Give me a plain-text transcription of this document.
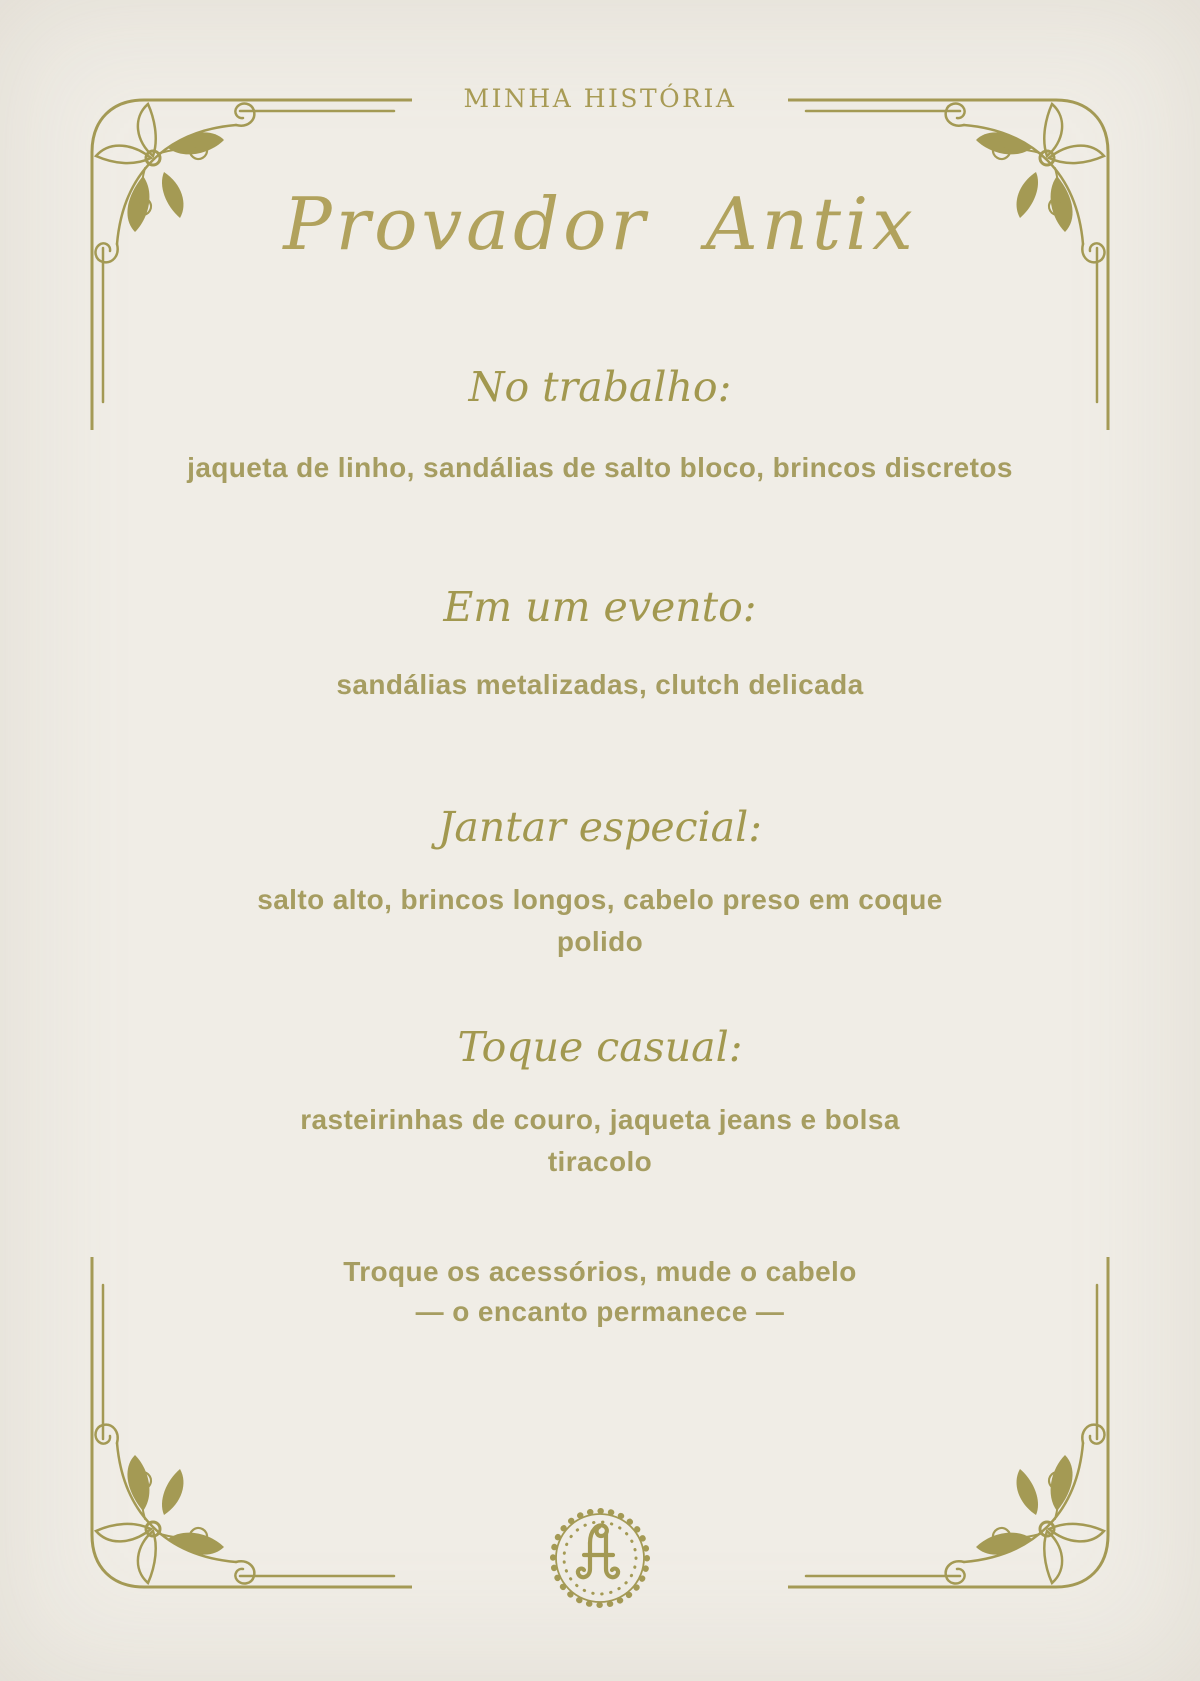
MINHA HISTÓRIA
Provador Antix
No trabalho:
jaqueta de linho, sandálias de salto bloco, brincos discretos
Em um evento:
sandálias metalizadas, clutch delicada
Jantar especial:
salto alto, brincos longos, cabelo preso em coque polido
Toque casual:
rasteirinhas de couro, jaqueta jeans e bolsa tiracolo
Troque os acessórios, mude o cabelo
— o encanto permanece —
